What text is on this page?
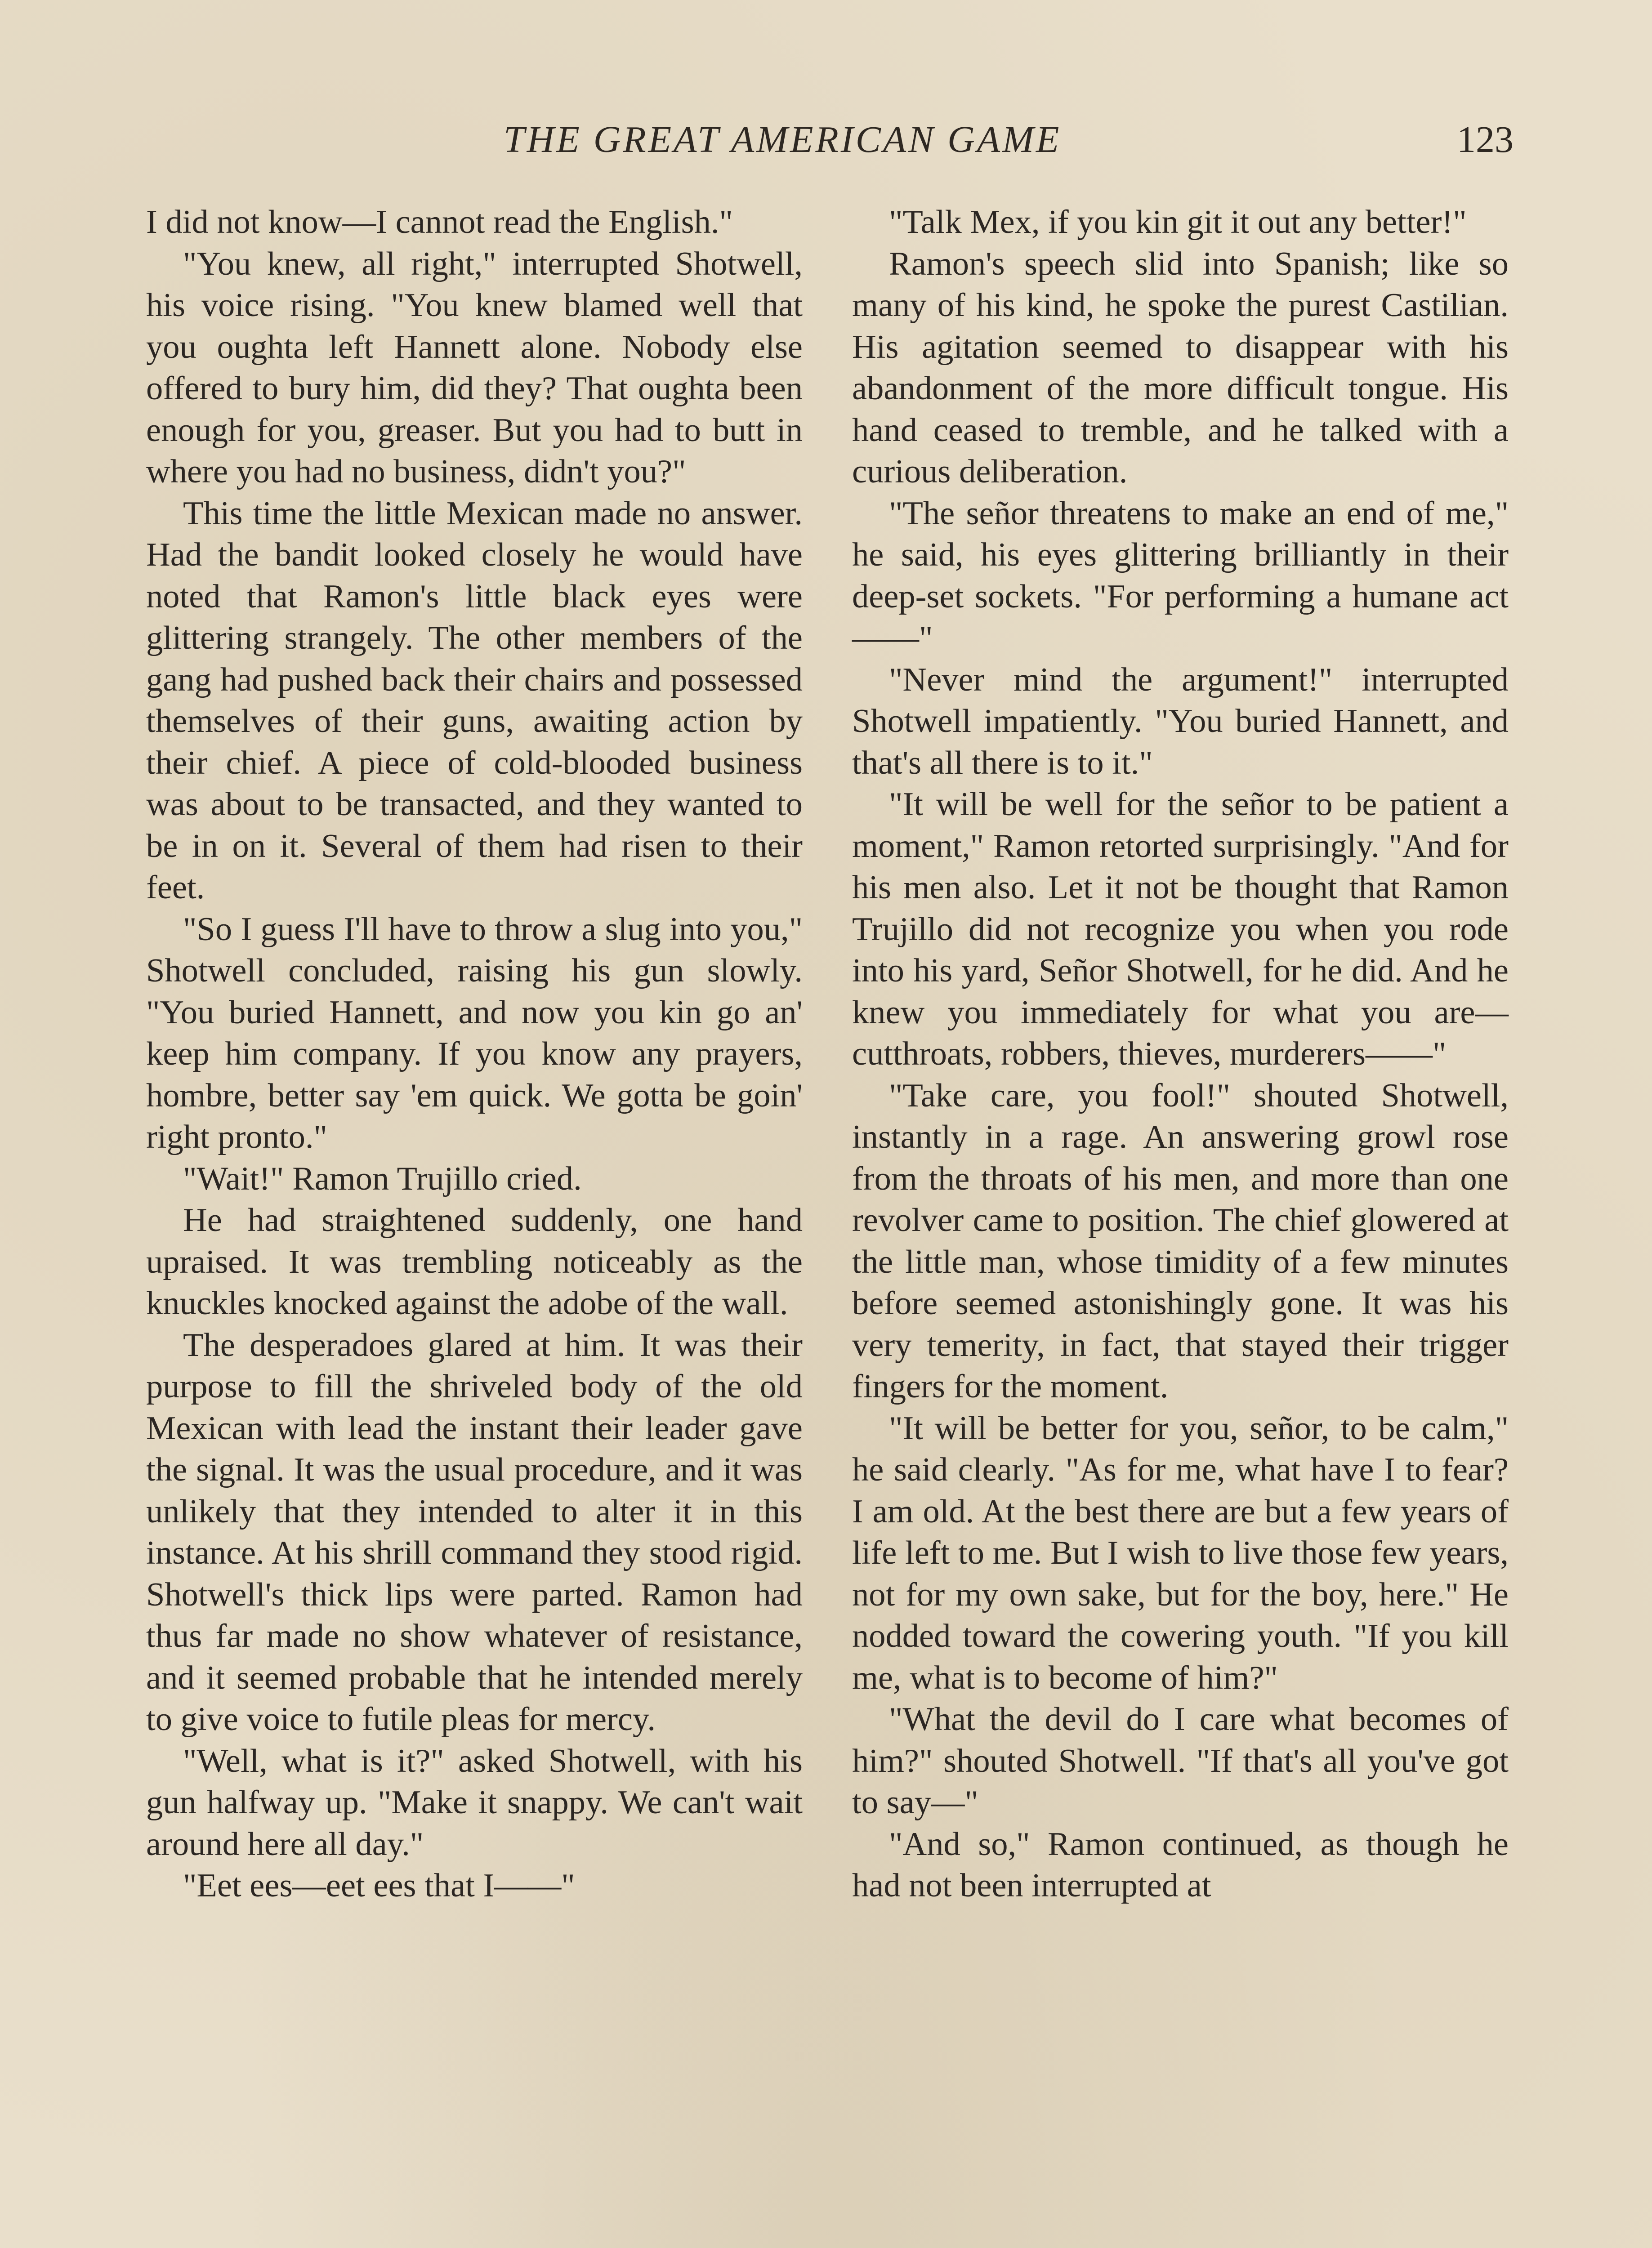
THE GREAT AMERICAN GAME	123

I did not know—I cannot read the English."

"You knew, all right," interrupted Shotwell, his voice rising. "You knew blamed well that you oughta left Hannett alone. Nobody else offered to bury him, did they? That oughta been enough for you, greaser. But you had to butt in where you had no business, didn't you?"

This time the little Mexican made no answer. Had the bandit looked closely he would have noted that Ramon's little black eyes were glittering strangely. The other members of the gang had pushed back their chairs and possessed themselves of their guns, awaiting action by their chief. A piece of cold-blooded business was about to be transacted, and they wanted to be in on it. Several of them had risen to their feet.

"So I guess I'll have to throw a slug into you," Shotwell concluded, raising his gun slowly. "You buried Hannett, and now you kin go an' keep him company. If you know any prayers, hombre, better say 'em quick. We gotta be goin' right pronto."

"Wait!" Ramon Trujillo cried.

He had straightened suddenly, one hand upraised. It was trembling noticeably as the knuckles knocked against the adobe of the wall.

The desperadoes glared at him. It was their purpose to fill the shriveled body of the old Mexican with lead the instant their leader gave the signal. It was the usual procedure, and it was unlikely that they intended to alter it in this instance. At his shrill command they stood rigid. Shotwell's thick lips were parted. Ramon had thus far made no show whatever of resistance, and it seemed probable that he intended merely to give voice to futile pleas for mercy.

"Well, what is it?" asked Shotwell, with his gun halfway up. "Make it snappy. We can't wait around here all day."

"Eet ees—eet ees that I——"

"Talk Mex, if you kin git it out any better!"

Ramon's speech slid into Spanish; like so many of his kind, he spoke the purest Castilian. His agitation seemed to disappear with his abandonment of the more difficult tongue. His hand ceased to tremble, and he talked with a curious deliberation.

"The señor threatens to make an end of me," he said, his eyes glittering brilliantly in their deep-set sockets. "For performing a humane act——"

"Never mind the argument!" interrupted Shotwell impatiently. "You buried Hannett, and that's all there is to it."

"It will be well for the señor to be patient a moment," Ramon retorted surprisingly. "And for his men also. Let it not be thought that Ramon Trujillo did not recognize you when you rode into his yard, Señor Shotwell, for he did. And he knew you immediately for what you are—cutthroats, robbers, thieves, murderers——"

"Take care, you fool!" shouted Shotwell, instantly in a rage. An answering growl rose from the throats of his men, and more than one revolver came to position. The chief glowered at the little man, whose timidity of a few minutes before seemed astonishingly gone. It was his very temerity, in fact, that stayed their trigger fingers for the moment.

"It will be better for you, señor, to be calm," he said clearly. "As for me, what have I to fear? I am old. At the best there are but a few years of life left to me. But I wish to live those few years, not for my own sake, but for the boy, here." He nodded toward the cowering youth. "If you kill me, what is to become of him?"

"What the devil do I care what becomes of him?" shouted Shotwell. "If that's all you've got to say—"

"And so," Ramon continued, as though he had not been interrupted at
